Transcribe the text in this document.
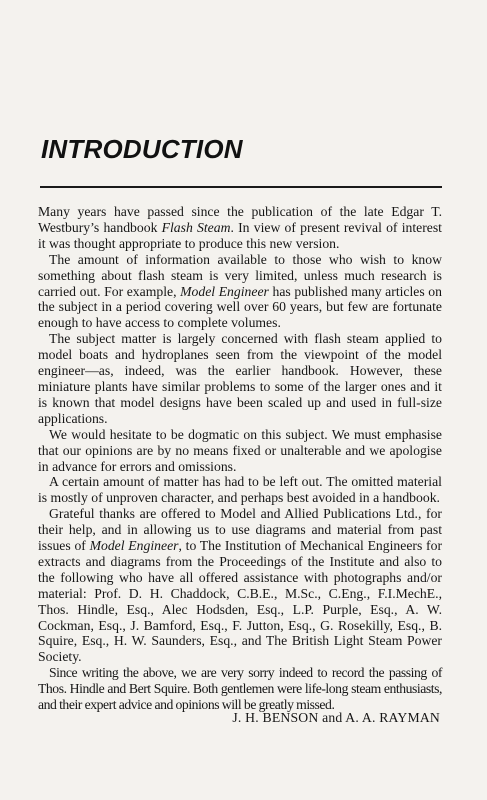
INTRODUCTION

Many years have passed since the publication of the late Edgar T. Westbury’s handbook Flash Steam. In view of present revival of interest it was thought appropriate to produce this new version.

The amount of information available to those who wish to know something about flash steam is very limited, unless much research is carried out. For example, Model Engineer has published many articles on the subject in a period covering well over 60 years, but few are fortunate enough to have access to complete volumes.

The subject matter is largely concerned with flash steam applied to model boats and hydroplanes seen from the viewpoint of the model engineer—as, indeed, was the earlier handbook. However, these miniature plants have similar problems to some of the larger ones and it is known that model designs have been scaled up and used in full-size applications.

We would hesitate to be dogmatic on this subject. We must emphasise that our opinions are by no means fixed or unalterable and we apologise in advance for errors and omissions.

A certain amount of matter has had to be left out. The omitted material is mostly of unproven character, and perhaps best avoided in a handbook.

Grateful thanks are offered to Model and Allied Publications Ltd., for their help, and in allowing us to use diagrams and material from past issues of Model Engineer, to The Institution of Mechanical Engineers for extracts and diagrams from the Proceedings of the Institute and also to the following who have all offered assistance with photographs and/or material: Prof. D. H. Chaddock, C.B.E., M.Sc., C.Eng., F.I.MechE., Thos. Hindle, Esq., Alec Hodsden, Esq., L.P. Purple, Esq., A. W. Cockman, Esq., J. Bamford, Esq., F. Jutton, Esq., G. Rosekilly, Esq., B. Squire, Esq., H. W. Saunders, Esq., and The British Light Steam Power Society.

Since writing the above, we are very sorry indeed to record the passing of Thos. Hindle and Bert Squire. Both gentlemen were life-long steam enthusiasts, and their expert advice and opinions will be greatly missed.

J. H. BENSON and A. A. RAYMAN
